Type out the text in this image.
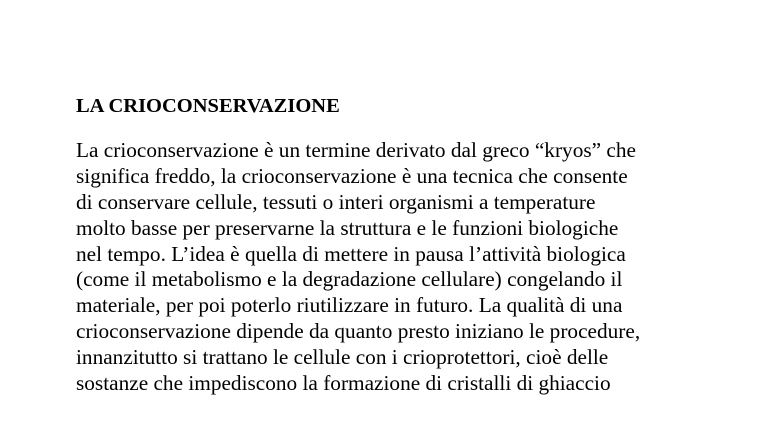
LA CRIOCONSERVAZIONE
La crioconservazione è un termine derivato dal greco “kryos” che
significa freddo, la crioconservazione è una tecnica che consente
di conservare cellule, tessuti o interi organismi a temperature
molto basse per preservarne la struttura e le funzioni biologiche
nel tempo. L’idea è quella di mettere in pausa l’attività biologica
(come il metabolismo e la degradazione cellulare) congelando il
materiale, per poi poterlo riutilizzare in futuro. La qualità di una
crioconservazione dipende da quanto presto iniziano le procedure,
innanzitutto si trattano le cellule con i crioprotettori, cioè delle
sostanze che impediscono la formazione di cristalli di ghiaccio
